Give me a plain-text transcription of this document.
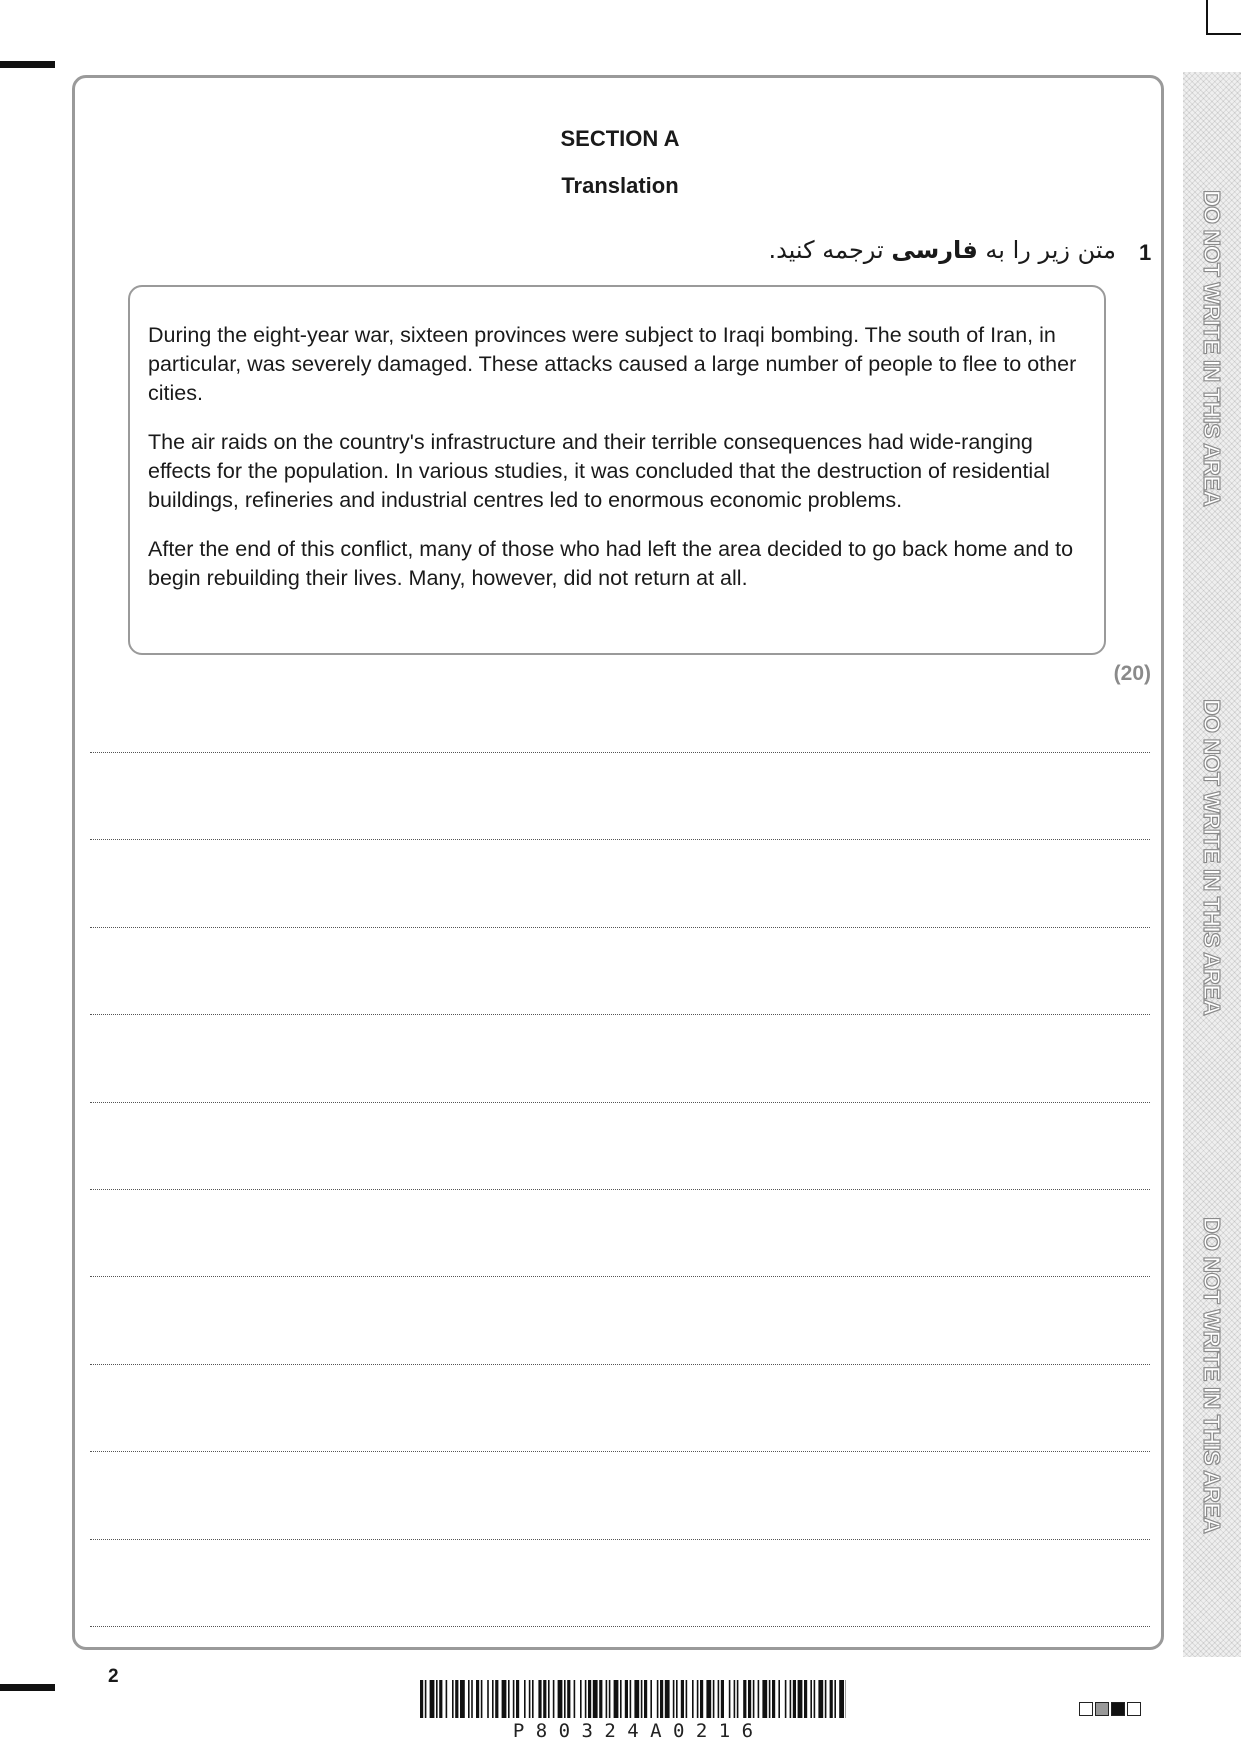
DO NOT WRITE IN THIS AREA
DO NOT WRITE IN THIS AREA
DO NOT WRITE IN THIS AREA
SECTION A
Translation
1
متن زیر را به فارسی ترجمه کنید.

During the eight-year war, sixteen provinces were subject to Iraqi bombing. The south of Iran, in particular, was severely damaged. These attacks caused a large number of people to flee to other cities.

The air raids on the country's infrastructure and their terrible consequences had wide-ranging effects for the population. In various studies, it was concluded that the destruction of residential buildings, refineries and industrial centres led to enormous economic problems.

After the end of this conflict, many of those who had left the area decided to go back home and to begin rebuilding their lives. Many, however, did not return at all.

(20)
2
P 8 0 3 2 4 A 0 2 1 6
